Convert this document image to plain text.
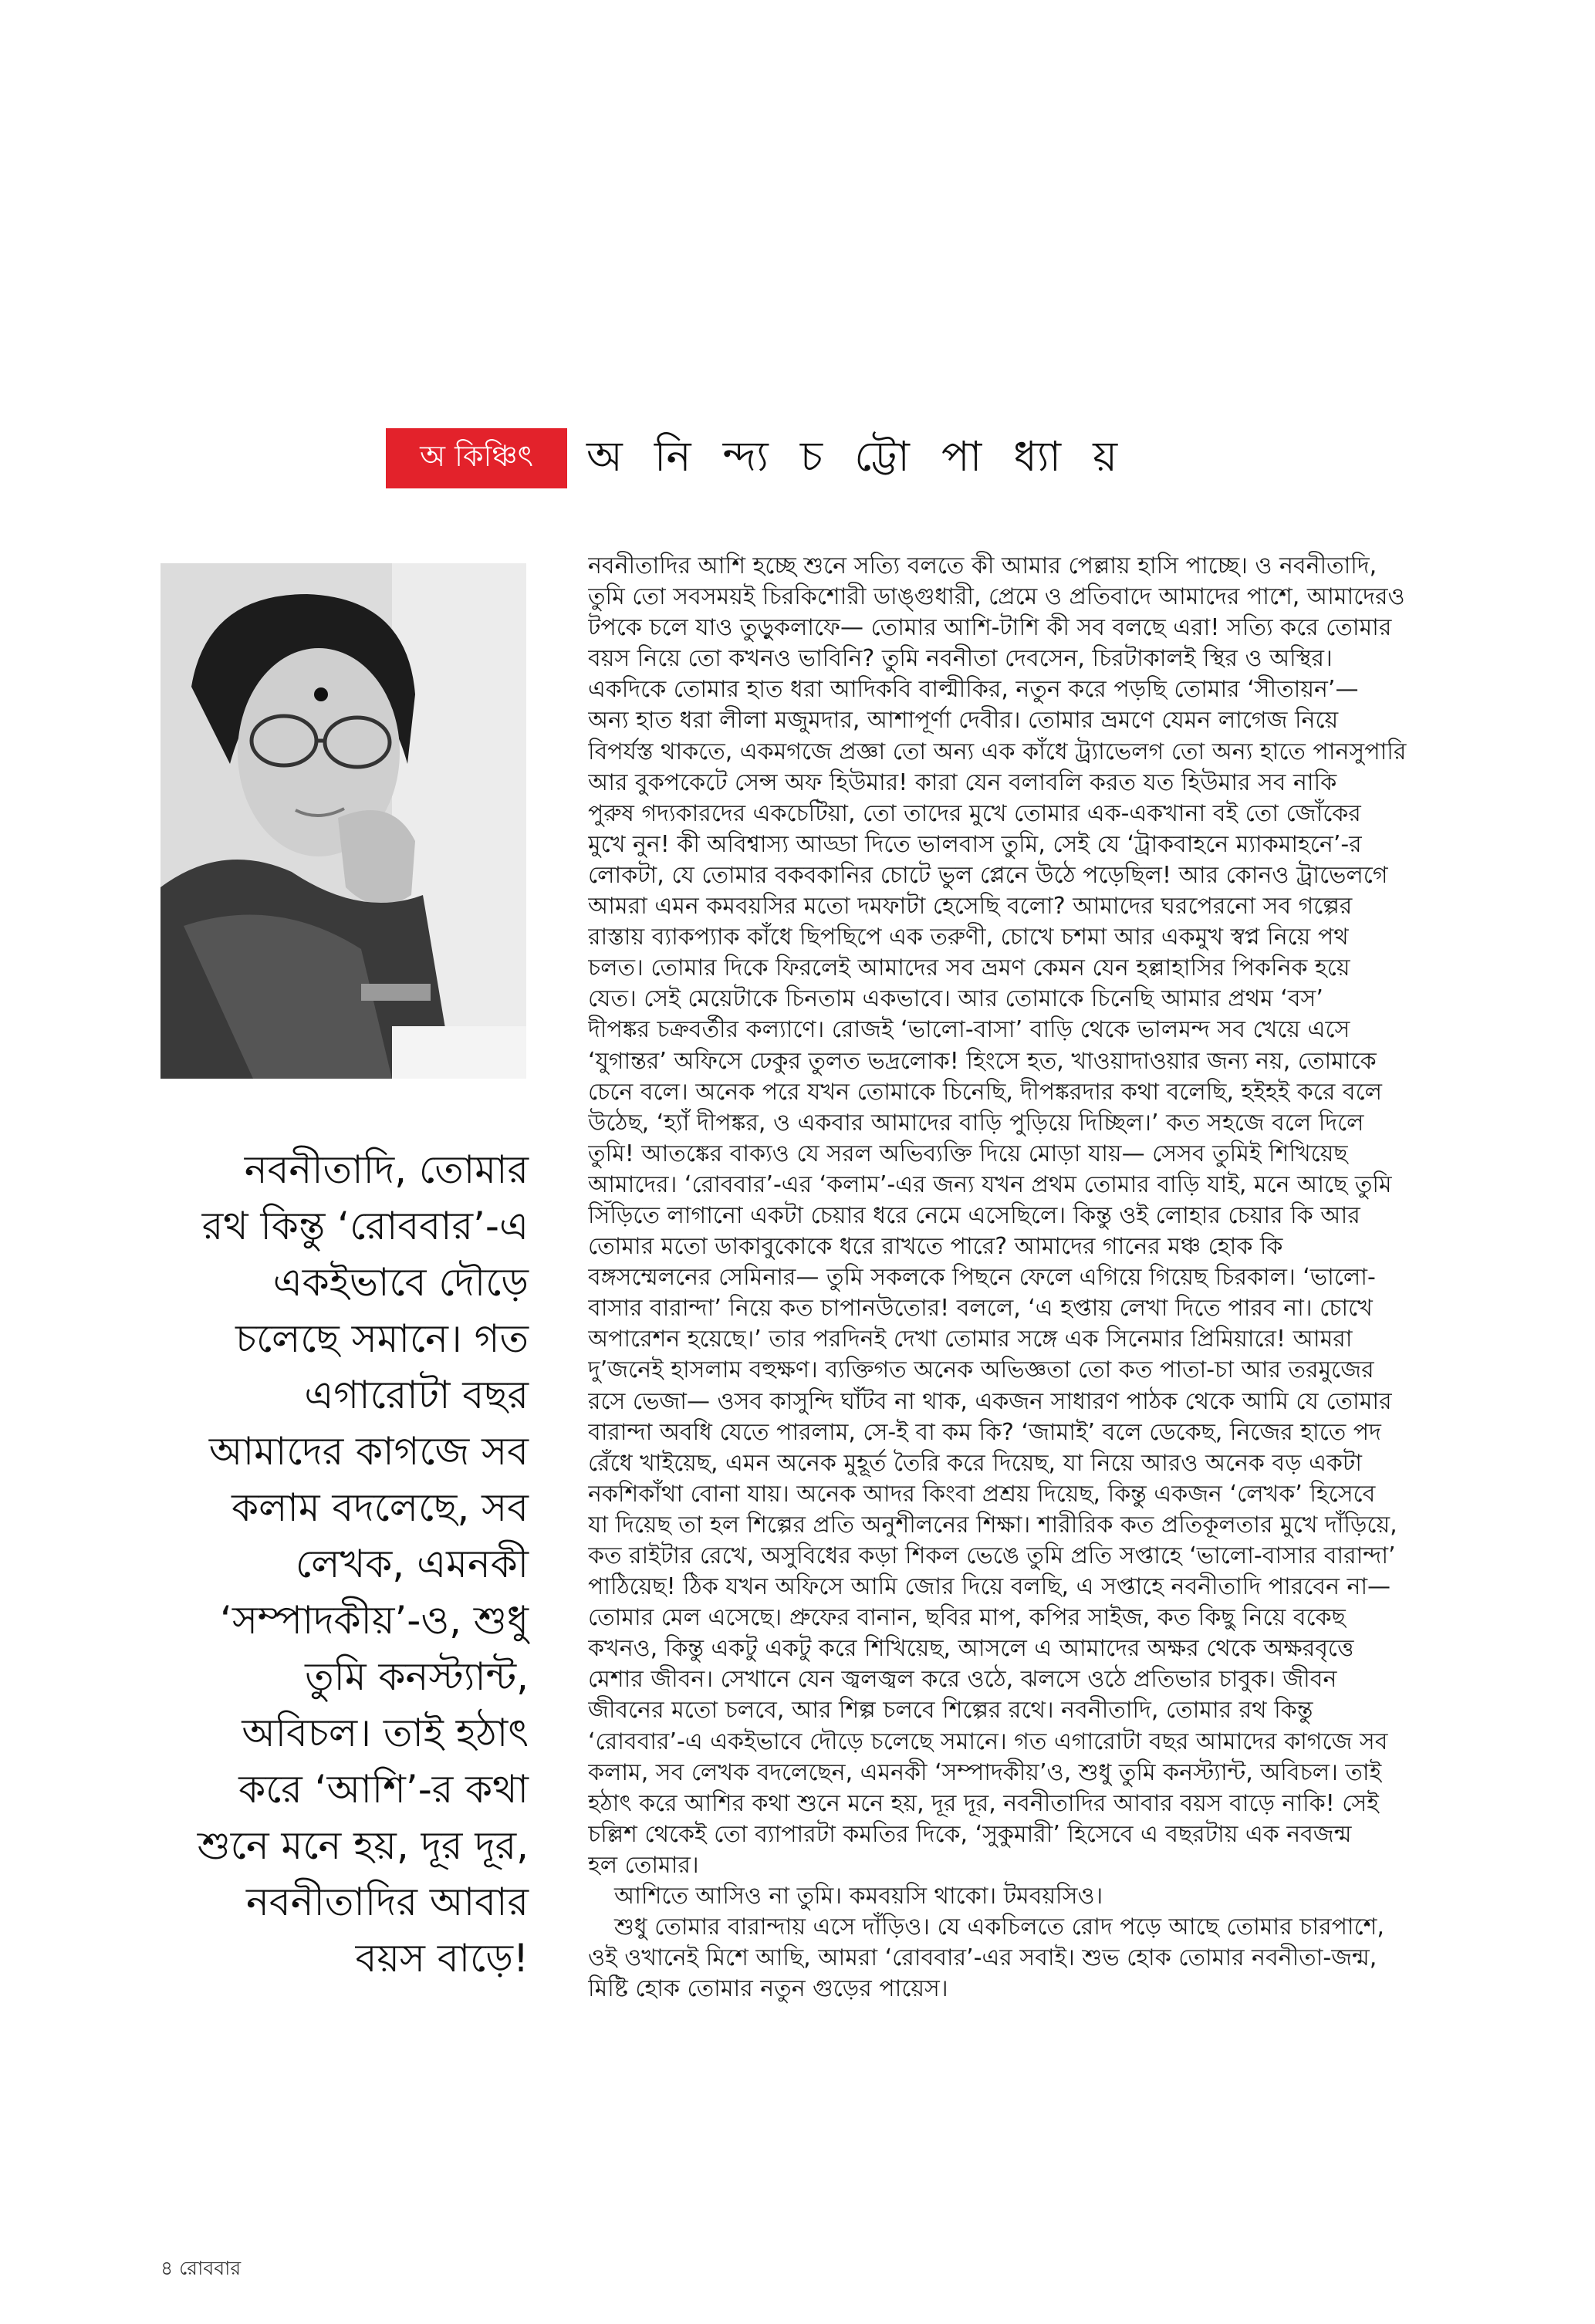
অ কিঞ্চিৎ	অ নি ন্দ্য চ ট্টো পা ধ্যা য়
নবনীতাদি, তোমার
রথ কিন্তু ‘রোববার’-এ
একইভাবে দৌড়ে
চলেছে সমানে। গত
এগারোটা বছর
আমাদের কাগজে সব
কলাম বদলেছে, সব
লেখক, এমনকী
‘সম্পাদকীয়’-ও, শুধু
তুমি কনস্ট্যান্ট,
অবিচল। তাই হঠাৎ
করে ‘আশি’-র কথা
শুনে মনে হয়, দূর দূর,
নবনীতাদির আবার
বয়স বাড়ে!
নবনীতাদির আশি হচ্ছে শুনে সত্যি বলতে কী আমার পেল্লায় হাসি পাচ্ছে। ও নবনীতাদি,
তুমি তো সবসময়ই চিরকিশোরী ডাঙ্গুধারী, প্রেমে ও প্রতিবাদে আমাদের পাশে, আমাদেরও
টপকে চলে যাও তুড়ুকলাফে— তোমার আশি-টাশি কী সব বলছে এরা! সত্যি করে তোমার
বয়স নিয়ে তো কখনও ভাবিনি? তুমি নবনীতা দেবসেন, চিরটাকালই স্থির ও অস্থির।
একদিকে তোমার হাত ধরা আদিকবি বাল্মীকির, নতুন করে পড়ছি তোমার ‘সীতায়ন’—
অন্য হাত ধরা লীলা মজুমদার, আশাপূর্ণা দেবীর। তোমার ভ্রমণে যেমন লাগেজ নিয়ে
বিপর্যস্ত থাকতে, একমগজে প্রজ্ঞা তো অন্য এক কাঁধে ট্র্যাভেলগ তো অন্য হাতে পানসুপারি
আর বুকপকেটে সেন্স অফ হিউমার! কারা যেন বলাবলি করত যত হিউমার সব নাকি
পুরুষ গদ্যকারদের একচেটিয়া, তো তাদের মুখে তোমার এক-একখানা বই তো জোঁকের
মুখে নুন! কী অবিশ্বাস্য আড্ডা দিতে ভালবাস তুমি, সেই যে ‘ট্রাকবাহনে ম্যাকমাহনে’-র
লোকটা, যে তোমার বকবকানির চোটে ভুল প্লেনে উঠে পড়েছিল! আর কোনও ট্রাভেলগে
আমরা এমন কমবয়সির মতো দমফাটা হেসেছি বলো? আমাদের ঘরপেরনো সব গল্পের
রাস্তায় ব্যাকপ্যাক কাঁধে ছিপছিপে এক তরুণী, চোখে চশমা আর একমুখ স্বপ্ন নিয়ে পথ
চলত। তোমার দিকে ফিরলেই আমাদের সব ভ্রমণ কেমন যেন হল্লাহাসির পিকনিক হয়ে
যেত। সেই মেয়েটাকে চিনতাম একভাবে। আর তোমাকে চিনেছি আমার প্রথম ‘বস’
দীপঙ্কর চক্রবর্তীর কল্যাণে। রোজই ‘ভালো-বাসা’ বাড়ি থেকে ভালমন্দ সব খেয়ে এসে
‘যুগান্তর’ অফিসে ঢেকুর তুলত ভদ্রলোক! হিংসে হত, খাওয়াদাওয়ার জন্য নয়, তোমাকে
চেনে বলে। অনেক পরে যখন তোমাকে চিনেছি, দীপঙ্করদার কথা বলেছি, হইহই করে বলে
উঠেছ, ‘হ্যাঁ দীপঙ্কর, ও একবার আমাদের বাড়ি পুড়িয়ে দিচ্ছিল।’ কত সহজে বলে দিলে
তুমি! আতঙ্কের বাক্যও যে সরল অভিব্যক্তি দিয়ে মোড়া যায়— সেসব তুমিই শিখিয়েছ
আমাদের। ‘রোববার’-এর ‘কলাম’-এর জন্য যখন প্রথম তোমার বাড়ি যাই, মনে আছে তুমি
সিঁড়িতে লাগানো একটা চেয়ার ধরে নেমে এসেছিলে। কিন্তু ওই লোহার চেয়ার কি আর
তোমার মতো ডাকাবুকোকে ধরে রাখতে পারে? আমাদের গানের মঞ্চ হোক কি
বঙ্গসম্মেলনের সেমিনার— তুমি সকলকে পিছনে ফেলে এগিয়ে গিয়েছ চিরকাল। ‘ভালো-
বাসার বারান্দা’ নিয়ে কত চাপানউতোর! বললে, ‘এ হপ্তায় লেখা দিতে পারব না। চোখে
অপারেশন হয়েছে।’ তার পরদিনই দেখা তোমার সঙ্গে এক সিনেমার প্রিমিয়ারে! আমরা
দু’জনেই হাসলাম বহুক্ষণ। ব্যক্তিগত অনেক অভিজ্ঞতা তো কত পাতা-চা আর তরমুজের
রসে ভেজা— ওসব কাসুন্দি ঘাঁটব না থাক, একজন সাধারণ পাঠক থেকে আমি যে তোমার
বারান্দা অবধি যেতে পারলাম, সে-ই বা কম কি? ‘জামাই’ বলে ডেকেছ, নিজের হাতে পদ
রেঁধে খাইয়েছ, এমন অনেক মুহূর্ত তৈরি করে দিয়েছ, যা নিয়ে আরও অনেক বড় একটা
নকশিকাঁথা বোনা যায়। অনেক আদর কিংবা প্রশ্রয় দিয়েছ, কিন্তু একজন ‘লেখক’ হিসেবে
যা দিয়েছ তা হল শিল্পের প্রতি অনুশীলনের শিক্ষা। শারীরিক কত প্রতিকূলতার মুখে দাঁড়িয়ে,
কত রাইটার রেখে, অসুবিধের কড়া শিকল ভেঙে তুমি প্রতি সপ্তাহে ‘ভালো-বাসার বারান্দা’
পাঠিয়েছ! ঠিক যখন অফিসে আমি জোর দিয়ে বলছি, এ সপ্তাহে নবনীতাদি পারবেন না—
তোমার মেল এসেছে। প্রুফের বানান, ছবির মাপ, কপির সাইজ, কত কিছু নিয়ে বকেছ
কখনও, কিন্তু একটু একটু করে শিখিয়েছ, আসলে এ আমাদের অক্ষর থেকে অক্ষরবৃত্তে
মেশার জীবন। সেখানে যেন জ্বলজ্বল করে ওঠে, ঝলসে ওঠে প্রতিভার চাবুক। জীবন
জীবনের মতো চলবে, আর শিল্প চলবে শিল্পের রথে। নবনীতাদি, তোমার রথ কিন্তু
‘রোববার’-এ একইভাবে দৌড়ে চলেছে সমানে। গত এগারোটা বছর আমাদের কাগজে সব
কলাম, সব লেখক বদলেছেন, এমনকী ‘সম্পাদকীয়’ও, শুধু তুমি কনস্ট্যান্ট, অবিচল। তাই
হঠাৎ করে আশির কথা শুনে মনে হয়, দূর দূর, নবনীতাদির আবার বয়স বাড়ে নাকি! সেই
চল্লিশ থেকেই তো ব্যাপারটা কমতির দিকে, ‘সুকুমারী’ হিসেবে এ বছরটায় এক নবজন্ম
হল তোমার।
আশিতে আসিও না তুমি। কমবয়সি থাকো। টমবয়সিও।
শুধু তোমার বারান্দায় এসে দাঁড়িও। যে একচিলতে রোদ পড়ে আছে তোমার চারপাশে,
ওই ওখানেই মিশে আছি, আমরা ‘রোববার’-এর সবাই। শুভ হোক তোমার নবনীতা-জন্ম,
মিষ্টি হোক তোমার নতুন গুড়ের পায়েস।
৪ রোববার
